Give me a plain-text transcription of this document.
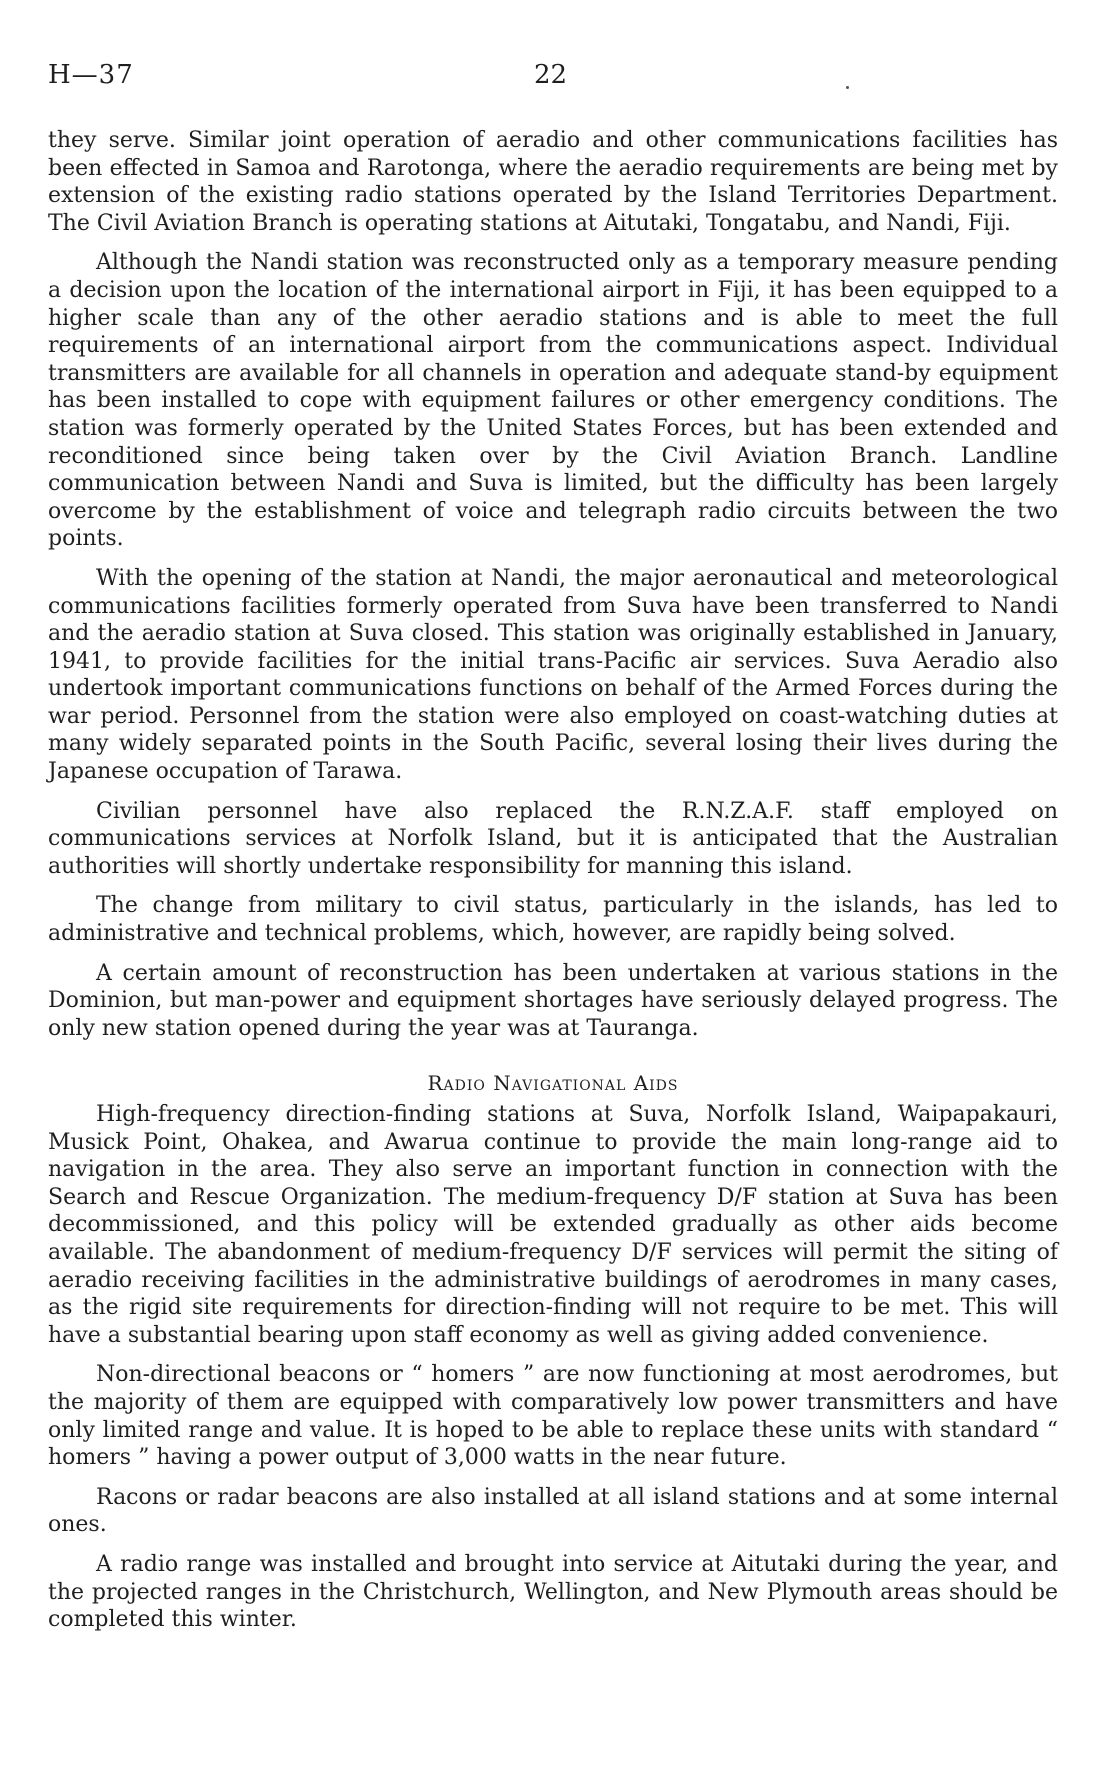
H—37	22

they serve. Similar joint operation of aeradio and other communications facilities has been effected in Samoa and Rarotonga, where the aeradio requirements are being met by extension of the existing radio stations operated by the Island Territories Department. The Civil Aviation Branch is operating stations at Aitutaki, Tongatabu, and Nandi, Fiji.

Although the Nandi station was reconstructed only as a temporary measure pending a decision upon the location of the international airport in Fiji, it has been equipped to a higher scale than any of the other aeradio stations and is able to meet the full requirements of an international airport from the communications aspect. Individual transmitters are available for all channels in operation and adequate stand-by equipment has been installed to cope with equipment failures or other emergency conditions. The station was formerly operated by the United States Forces, but has been extended and reconditioned since being taken over by the Civil Aviation Branch. Landline communication between Nandi and Suva is limited, but the difficulty has been largely overcome by the establishment of voice and telegraph radio circuits between the two points.

With the opening of the station at Nandi, the major aeronautical and meteorological communications facilities formerly operated from Suva have been transferred to Nandi and the aeradio station at Suva closed. This station was originally established in January, 1941, to provide facilities for the initial trans-Pacific air services. Suva Aeradio also undertook important communications functions on behalf of the Armed Forces during the war period. Personnel from the station were also employed on coast-watching duties at many widely separated points in the South Pacific, several losing their lives during the Japanese occupation of Tarawa.

Civilian personnel have also replaced the R.N.Z.A.F. staff employed on communications services at Norfolk Island, but it is anticipated that the Australian authorities will shortly undertake responsibility for manning this island.

The change from military to civil status, particularly in the islands, has led to administrative and technical problems, which, however, are rapidly being solved.

A certain amount of reconstruction has been undertaken at various stations in the Dominion, but man-power and equipment shortages have seriously delayed progress. The only new station opened during the year was at Tauranga.

Radio Navigational Aids

High-frequency direction-finding stations at Suva, Norfolk Island, Waipapakauri, Musick Point, Ohakea, and Awarua continue to provide the main long-range aid to navigation in the area. They also serve an important function in connection with the Search and Rescue Organization. The medium-frequency D/F station at Suva has been decommissioned, and this policy will be extended gradually as other aids become available. The abandonment of medium-frequency D/F services will permit the siting of aeradio receiving facilities in the administrative buildings of aerodromes in many cases, as the rigid site requirements for direction-finding will not require to be met. This will have a substantial bearing upon staff economy as well as giving added convenience.

Non-directional beacons or “ homers ” are now functioning at most aerodromes, but the majority of them are equipped with comparatively low power transmitters and have only limited range and value. It is hoped to be able to replace these units with standard “ homers ” having a power output of 3,000 watts in the near future.

Racons or radar beacons are also installed at all island stations and at some internal ones.

A radio range was installed and brought into service at Aitutaki during the year, and the projected ranges in the Christchurch, Wellington, and New Plymouth areas should be completed this winter.
